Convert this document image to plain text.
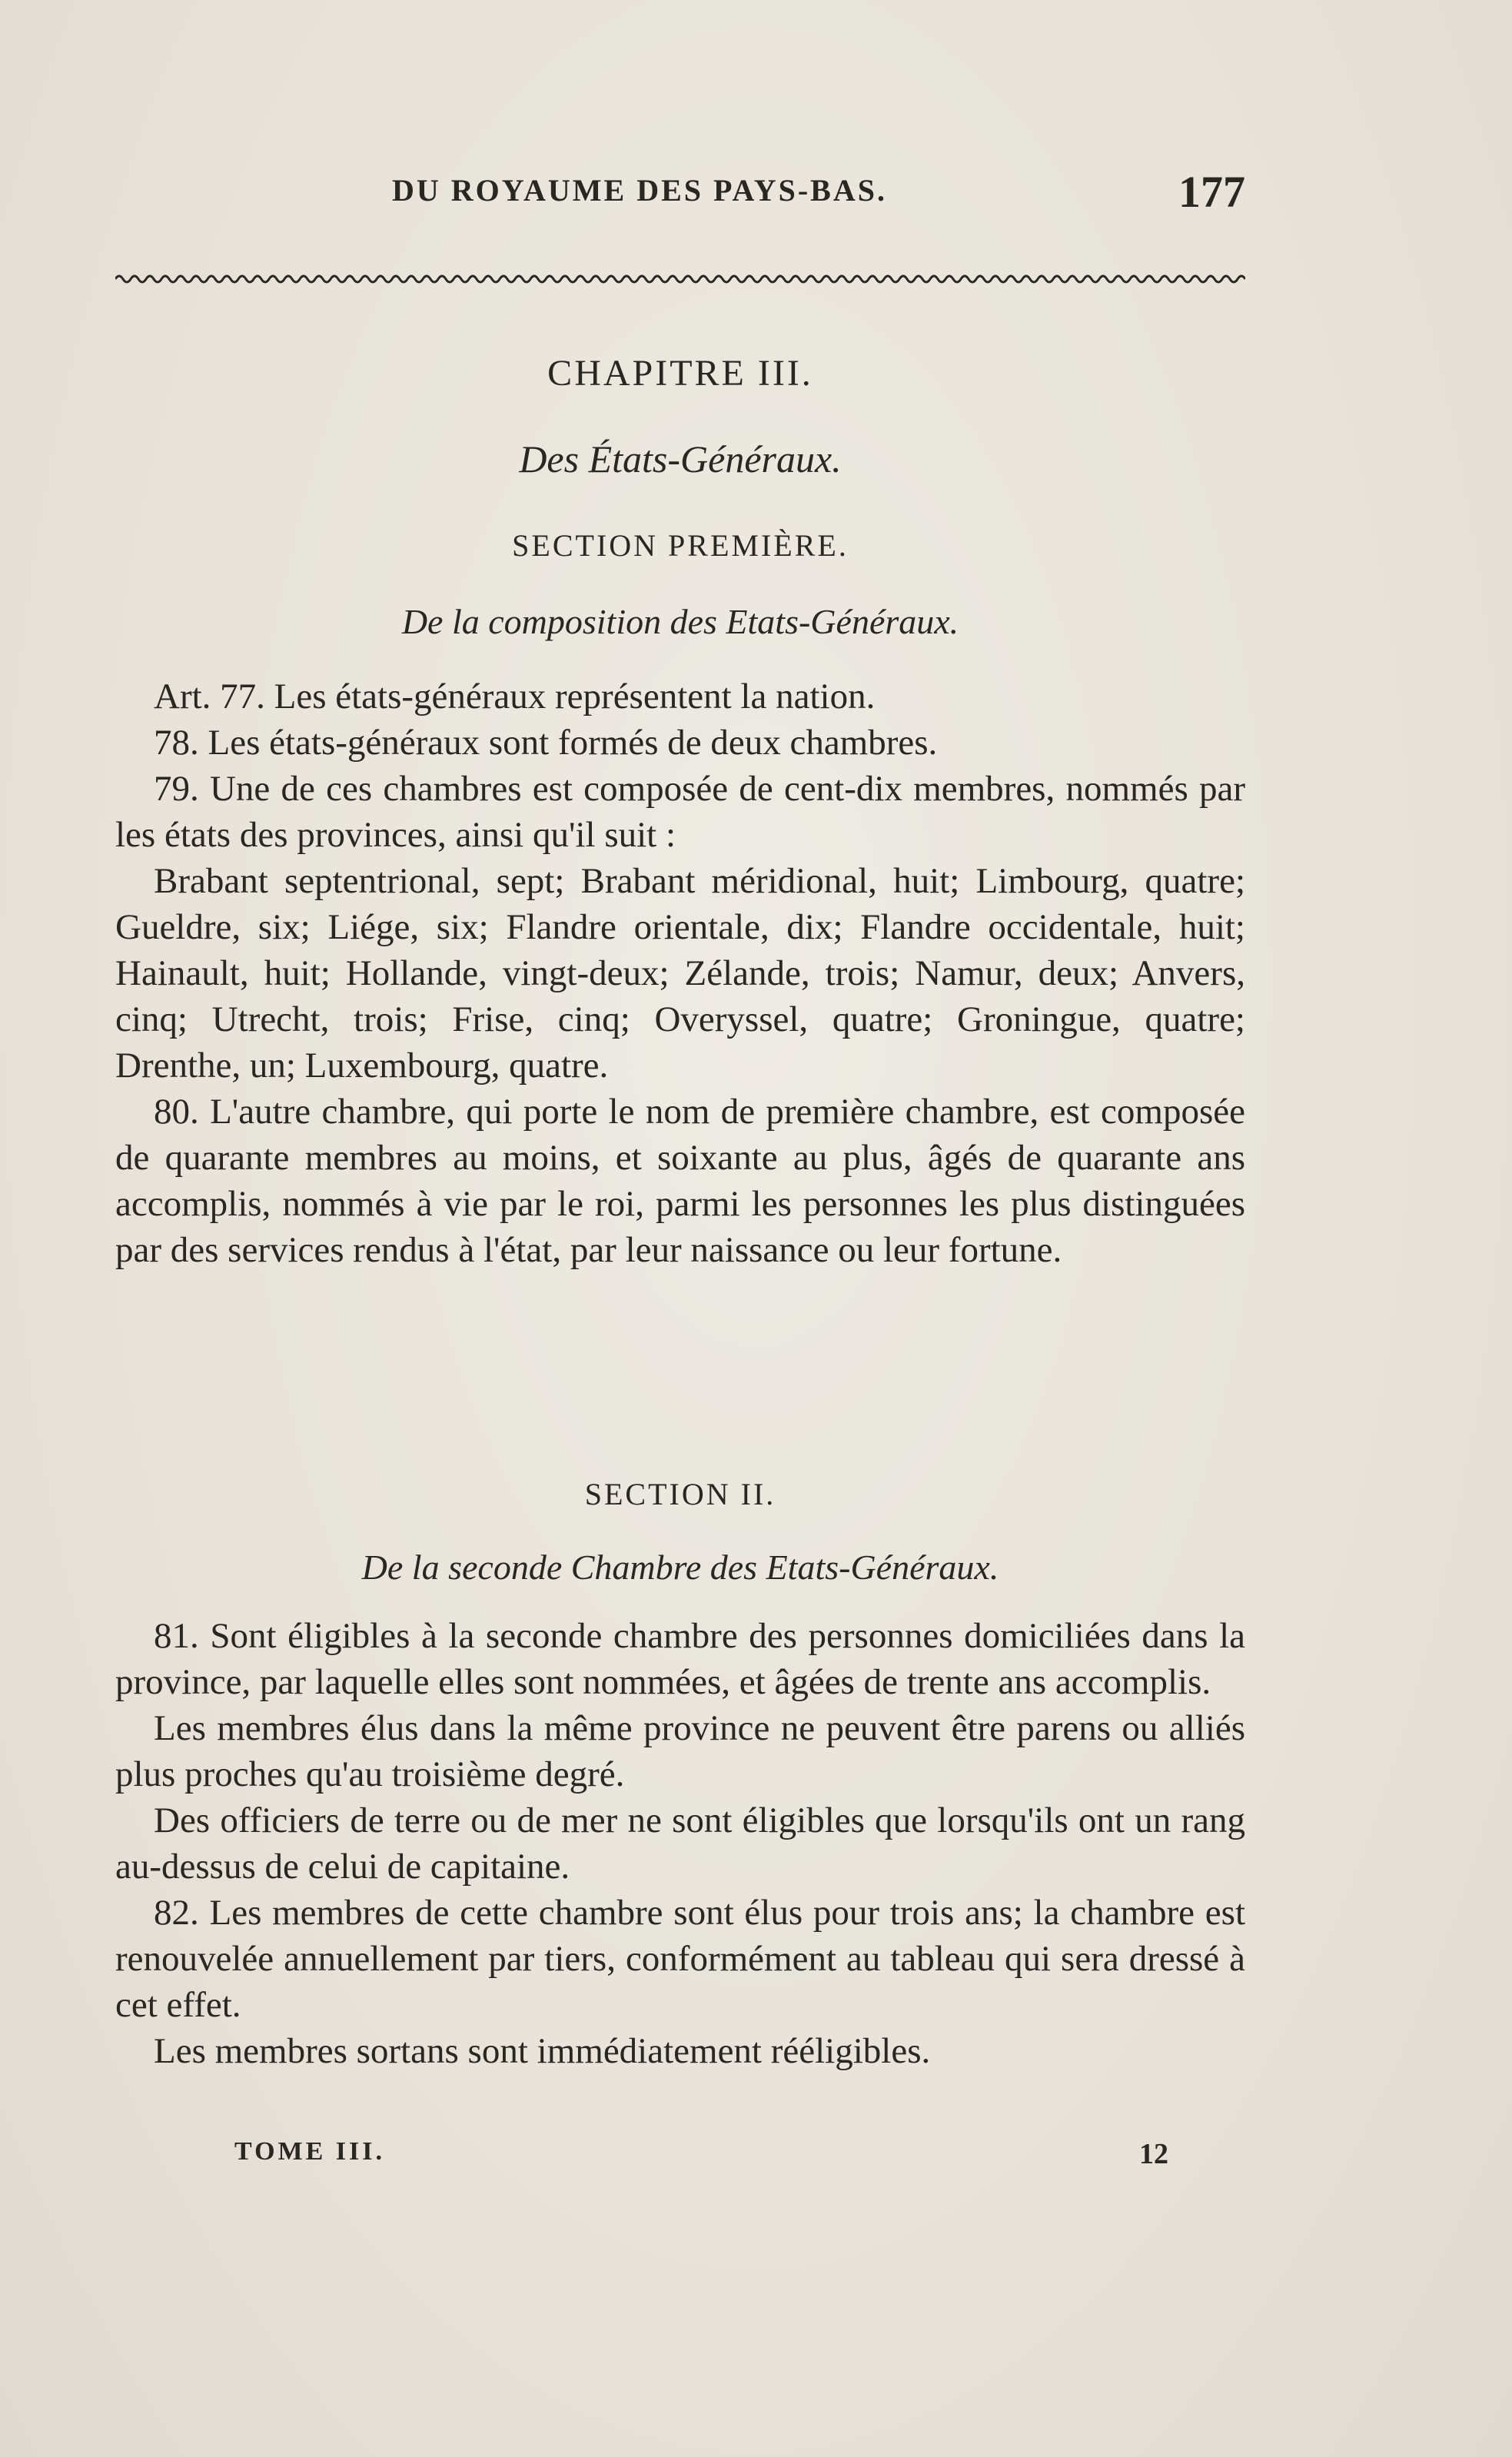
DU ROYAUME DES PAYS-BAS.	177
CHAPITRE III.
Des États-Généraux.
SECTION PREMIÈRE.
De la composition des Etats-Généraux.

Art. 77. Les états-généraux représentent la nation.

78. Les états-généraux sont formés de deux chambres.

79. Une de ces chambres est composée de cent-dix membres, nommés par les états des provinces, ainsi qu'il suit :

Brabant septentrional, sept; Brabant méridional, huit; Limbourg, quatre; Gueldre, six; Liége, six; Flandre orientale, dix; Flandre occidentale, huit; Hainault, huit; Hollande, vingt-deux; Zélande, trois; Namur, deux; Anvers, cinq; Utrecht, trois; Frise, cinq; Overyssel, quatre; Groningue, quatre; Drenthe, un; Luxembourg, quatre.

80. L'autre chambre, qui porte le nom de première chambre, est composée de quarante membres au moins, et soixante au plus, âgés de quarante ans accomplis, nommés à vie par le roi, parmi les personnes les plus distinguées par des services rendus à l'état, par leur naissance ou leur fortune.

SECTION II.
De la seconde Chambre des Etats-Généraux.

81. Sont éligibles à la seconde chambre des personnes domiciliées dans la province, par laquelle elles sont nommées, et âgées de trente ans accomplis.

Les membres élus dans la même province ne peuvent être parens ou alliés plus proches qu'au troisième degré.

Des officiers de terre ou de mer ne sont éligibles que lorsqu'ils ont un rang au-dessus de celui de capitaine.

82. Les membres de cette chambre sont élus pour trois ans; la chambre est renouvelée annuellement par tiers, conformément au tableau qui sera dressé à cet effet.

Les membres sortans sont immédiatement rééligibles.

TOME III.	12
